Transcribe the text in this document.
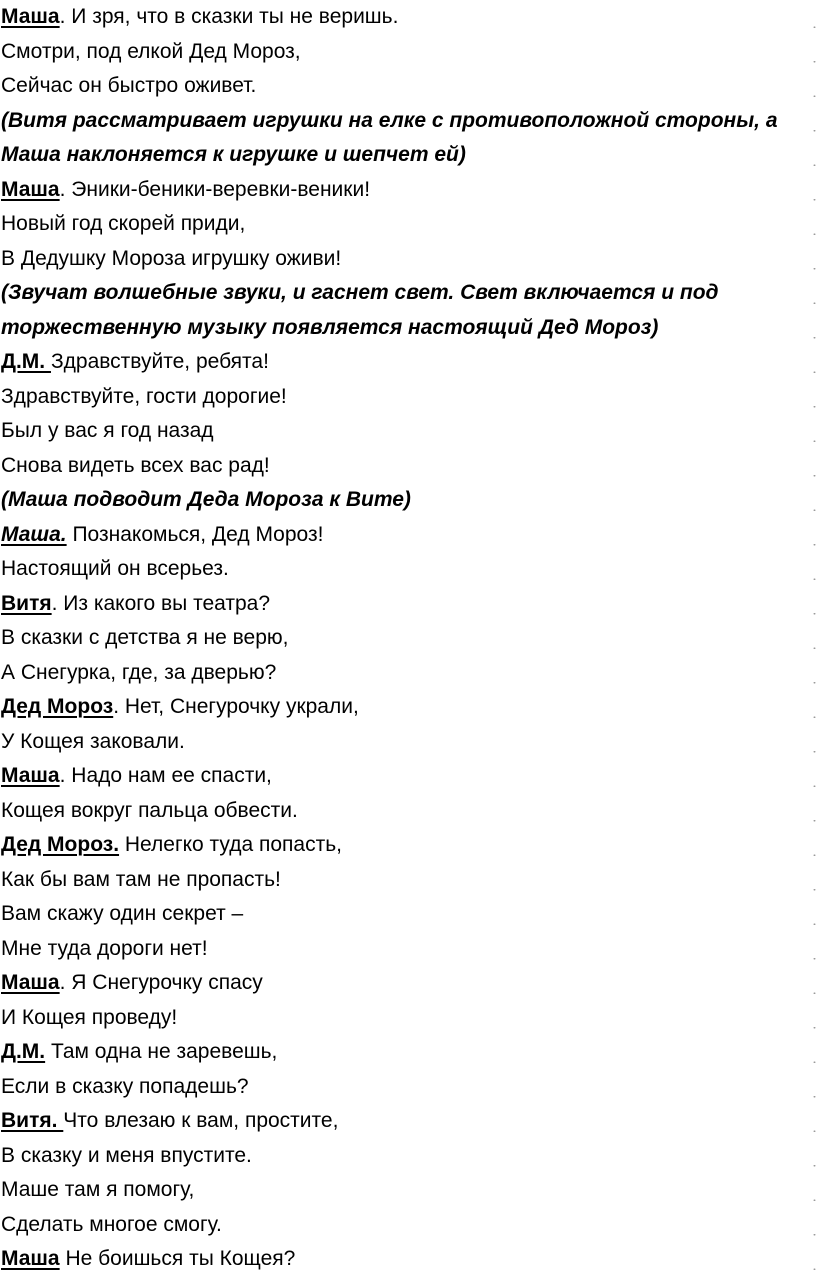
Маша. И зря, что в сказки ты не веришь.

Смотри, под елкой Дед Мороз,

Сейчас он быстро оживет.

(Витя рассматривает игрушки на елке с противоположной стороны, а

Маша наклоняется к игрушке и шепчет ей)

Маша. Эники-беники-веревки-веники!

Новый год скорей приди,

В Дедушку Мороза игрушку оживи!

(Звучат волшебные звуки, и гаснет свет. Свет включается и под

торжественную музыку появляется настоящий Дед Мороз)

Д.М. Здравствуйте, ребята!

Здравствуйте, гости дорогие!

Был у вас я год назад

Снова видеть всех вас рад!

(Маша подводит Деда Мороза к Вите)

Маша. Познакомься, Дед Мороз!

Настоящий он всерьез.

Витя. Из какого вы театра?

В сказки с детства я не верю,

А Снегурка, где, за дверью?

Дед Мороз. Нет, Снегурочку украли,

У Кощея заковали.

Маша. Надо нам ее спасти,

Кощея вокруг пальца обвести.

Дед Мороз. Нелегко туда попасть,

Как бы вам там не пропасть!

Вам скажу один секрет –

Мне туда дороги нет!

Маша. Я Снегурочку спасу

И Кощея проведу!

Д.М. Там одна не заревешь,

Если в сказку попадешь?

Витя. Что влезаю к вам, простите,

В сказку и меня впустите.

Маше там я помогу,

Сделать многое смогу.

Маша Не боишься ты Кощея?
